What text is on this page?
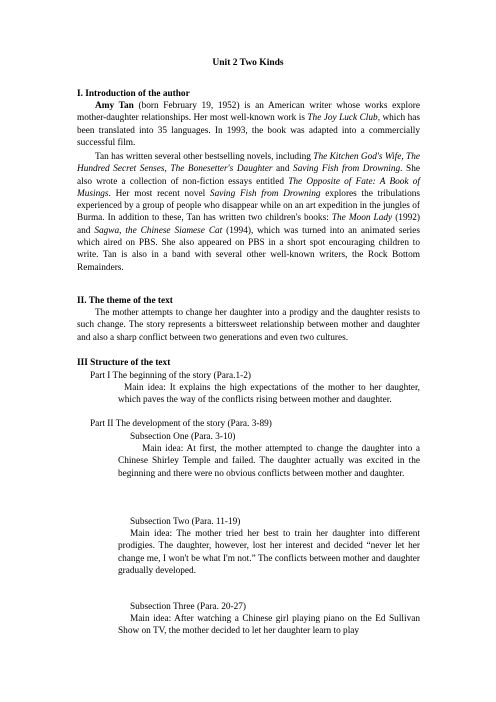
Unit 2 Two Kinds
I. Introduction of the author
Amy Tan (born February 19, 1952) is an American writer whose works explore mother-daughter relationships. Her most well-known work is The Joy Luck Club, which has been translated into 35 languages. In 1993, the book was adapted into a commercially successful film.
Tan has written several other bestselling novels, including The Kitchen God's Wife, The Hundred Secret Senses, The Bonesetter's Daughter and Saving Fish from Drowning. She also wrote a collection of non-fiction essays entitled The Opposite of Fate: A Book of Musings. Her most recent novel Saving Fish from Drowning explores the tribulations experienced by a group of people who disappear while on an art expedition in the jungles of Burma. In addition to these, Tan has written two children's books: The Moon Lady (1992) and Sagwa, the Chinese Siamese Cat (1994), which was turned into an animated series which aired on PBS. She also appeared on PBS in a short spot encouraging children to write. Tan is also in a band with several other well-known writers, the Rock Bottom Remainders.
II. The theme of the text
The mother attempts to change her daughter into a prodigy and the daughter resists to such change. The story represents a bittersweet relationship between mother and daughter and also a sharp conflict between two generations and even two cultures.
III Structure of the text
Part I The beginning of the story (Para.1-2)
Main idea: It explains the high expectations of the mother to her daughter, which paves the way of the conflicts rising between mother and daughter.
Part II The development of the story (Para. 3-89)
Subsection One (Para. 3-10)
Main idea: At first, the mother attempted to change the daughter into a Chinese Shirley Temple and failed. The daughter actually was excited in the beginning and there were no obvious conflicts between mother and daughter.
Subsection Two (Para. 11-19)
Main idea: The mother tried her best to train her daughter into different prodigies. The daughter, however, lost her interest and decided “never let her change me, I won't be what I'm not.” The conflicts between mother and daughter gradually developed.
Subsection Three (Para. 20-27)
Main idea: After watching a Chinese girl playing piano on the Ed Sullivan Show on TV, the mother decided to let her daughter learn to play
